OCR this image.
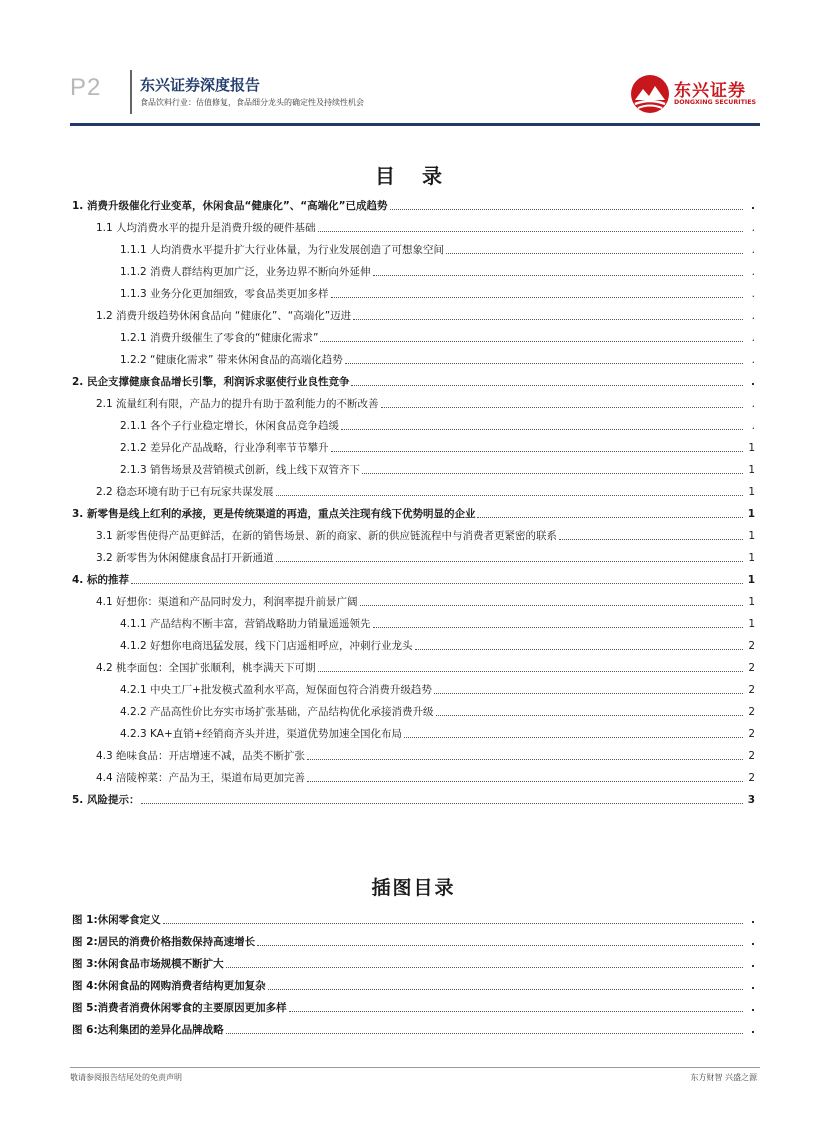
P2	东兴证券深度报告
食品饮料行业：估值修复，食品细分龙头的确定性及持续性机会
东兴证券
DONGXING SECURITIES
目 录
1. 消费升级催化行业变革，休闲食品“健康化”、“高端化”已成趋势	.
1.1 人均消费水平的提升是消费升级的硬件基础	.
1.1.1 人均消费水平提升扩大行业体量，为行业发展创造了可想象空间	.
1.1.2 消费人群结构更加广泛，业务边界不断向外延伸	.
1.1.3 业务分化更加细致，零食品类更加多样	.
1.2 消费升级趋势休闲食品向 “健康化”、“高端化”迈进	.
1.2.1 消费升级催生了零食的“健康化需求”	.
1.2.2 “健康化需求” 带来休闲食品的高端化趋势	.
2. 民企支撑健康食品增长引擎，利润诉求驱使行业良性竞争	.
2.1 流量红利有限，产品力的提升有助于盈利能力的不断改善	.
2.1.1 各个子行业稳定增长，休闲食品竞争趋缓	.
2.1.2 差异化产品战略，行业净利率节节攀升	1
2.1.3 销售场景及营销模式创新，线上线下双管齐下	1
2.2 稳态环境有助于已有玩家共谋发展	1
3. 新零售是线上红利的承接，更是传统渠道的再造，重点关注现有线下优势明显的企业	1
3.1 新零售使得产品更鲜活，在新的销售场景、新的商家、新的供应链流程中与消费者更紧密的联系	1
3.2 新零售为休闲健康食品打开新通道	1
4. 标的推荐	1
4.1 好想你：渠道和产品同时发力，利润率提升前景广阔	1
4.1.1 产品结构不断丰富，营销战略助力销量遥遥领先	1
4.1.2 好想你电商迅猛发展，线下门店遥相呼应，冲刺行业龙头	2
4.2 桃李面包：全国扩张顺利，桃李满天下可期	2
4.2.1 中央工厂+批发模式盈利水平高，短保面包符合消费升级趋势	2
4.2.2 产品高性价比夯实市场扩张基础，产品结构优化承接消费升级	2
4.2.3 KA+直销+经销商齐头并进，渠道优势加速全国化布局	2
4.3 绝味食品：开店增速不减，品类不断扩张	2
4.4 涪陵榨菜：产品为王，渠道布局更加完善	2
5. 风险提示：	3
插图目录
图 1:休闲零食定义	.
图 2:居民的消费价格指数保持高速增长	.
图 3:休闲食品市场规模不断扩大	.
图 4:休闲食品的网购消费者结构更加复杂	.
图 5:消费者消费休闲零食的主要原因更加多样	.
图 6:达利集团的差异化品牌战略	.
敬请参阅报告结尾处的免责声明	东方财智 兴盛之源
